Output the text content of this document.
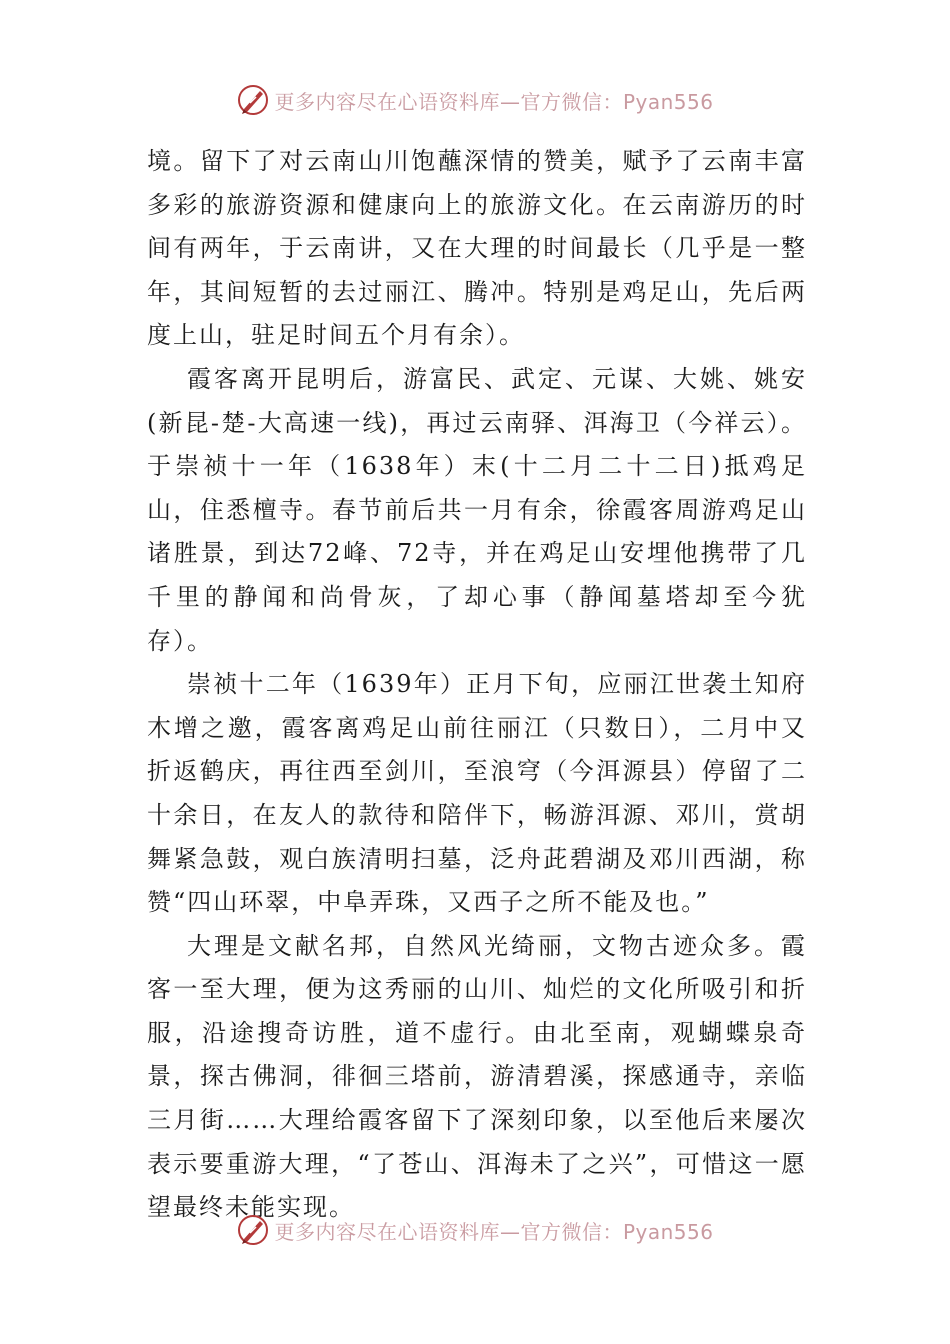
更多内容尽在心语资料库—官方微信：Pyan556

境。留下了对云南山川饱蘸深情的赞美，赋予了云南丰富多彩的旅游资源和健康向上的旅游文化。在云南游历的时间有两年，于云南讲，又在大理的时间最长（几乎是一整年，其间短暂的去过丽江、腾冲。特别是鸡足山，先后两度上山，驻足时间五个月有余）。

霞客离开昆明后，游富民、武定、元谋、大姚、姚安(新昆-楚-大高速一线)，再过云南驿、洱海卫（今祥云）。于崇祯十一年（1638年）末(十二月二十二日)抵鸡足山，住悉檀寺。春节前后共一月有余，徐霞客周游鸡足山诸胜景，到达72峰、72寺，并在鸡足山安埋他携带了几千里的静闻和尚骨灰，了却心事（静闻墓塔却至今犹存）。

崇祯十二年（1639年）正月下旬，应丽江世袭土知府木增之邀，霞客离鸡足山前往丽江（只数日），二月中又折返鹤庆，再往西至剑川，至浪穹（今洱源县）停留了二十余日，在友人的款待和陪伴下，畅游洱源、邓川，赏胡舞紧急鼓，观白族清明扫墓，泛舟茈碧湖及邓川西湖，称赞“四山环翠，中阜弄珠，又西子之所不能及也。”

大理是文献名邦，自然风光绮丽，文物古迹众多。霞客一至大理，便为这秀丽的山川、灿烂的文化所吸引和折服，沿途搜奇访胜，道不虚行。由北至南，观蝴蝶泉奇景，探古佛洞，徘徊三塔前，游清碧溪，探感通寺，亲临三月街……大理给霞客留下了深刻印象，以至他后来屡次表示要重游大理，“了苍山、洱海未了之兴”，可惜这一愿望最终未能实现。

更多内容尽在心语资料库—官方微信：Pyan556
